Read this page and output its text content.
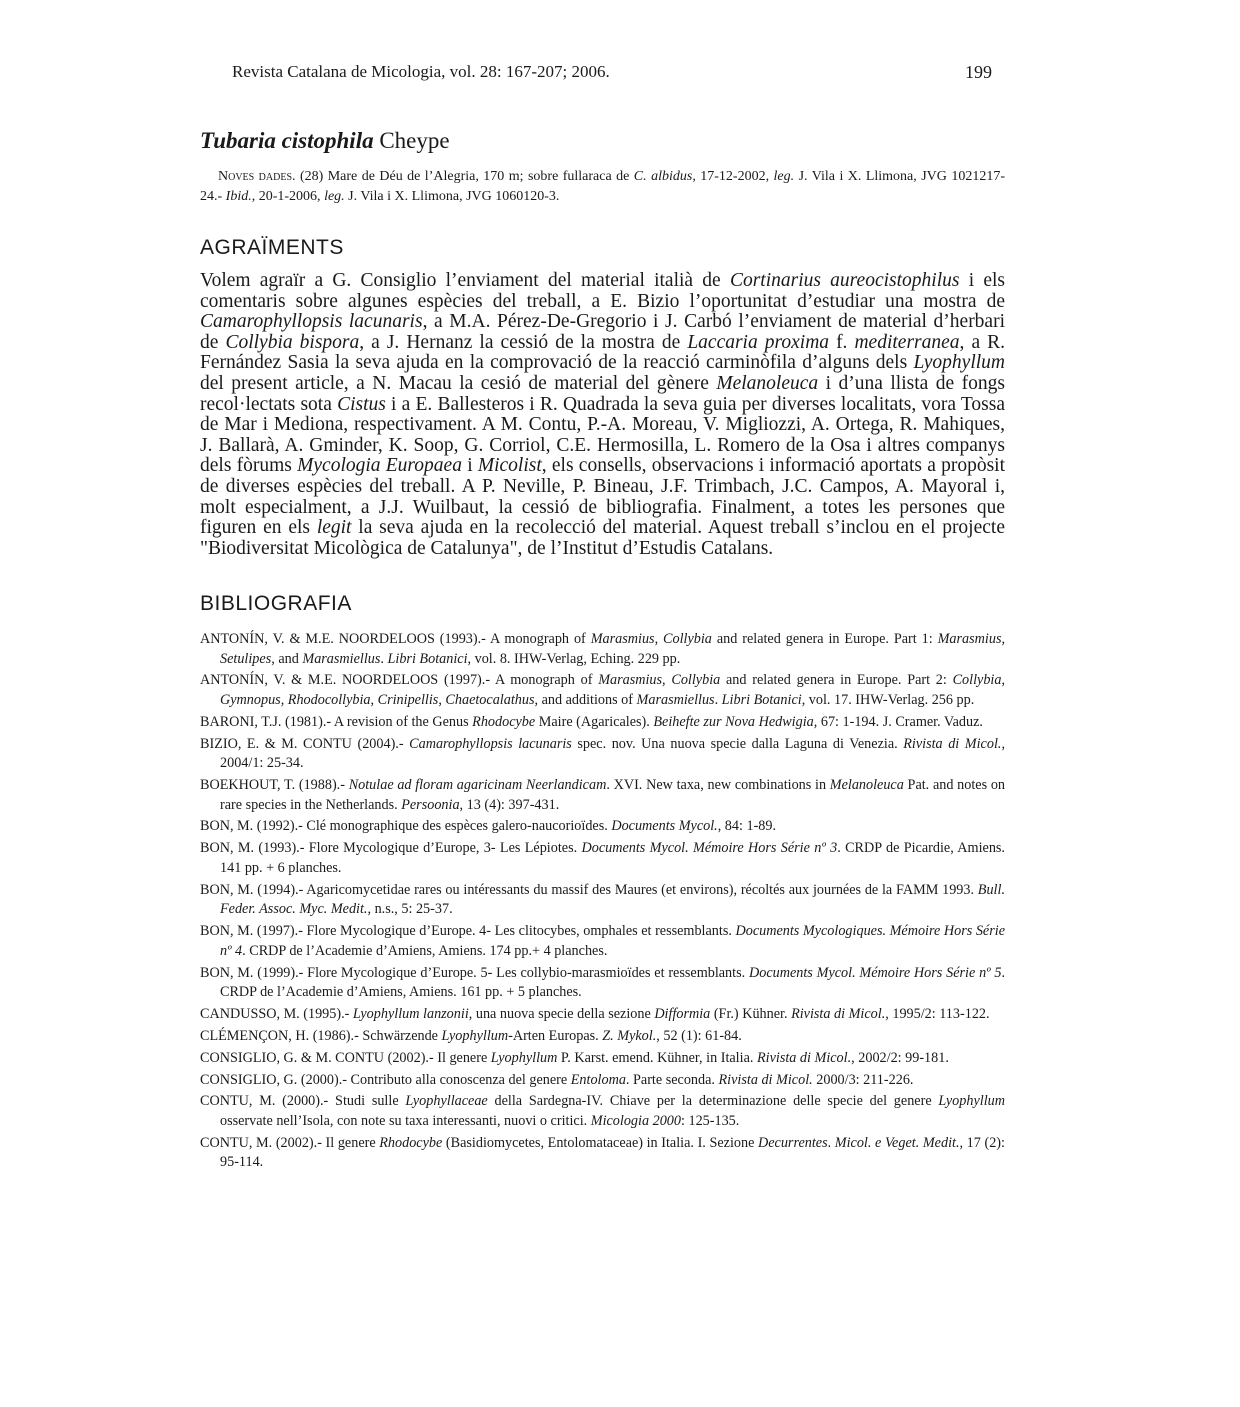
Revista Catalana de Micologia, vol. 28: 167-207; 2006.	199
Tubaria cistophila Cheype
Noves dades. (28) Mare de Déu de l’Alegria, 170 m; sobre fullaraca de C. albidus, 17-12-2002, leg. J. Vila i X. Llimona, JVG 1021217-24.- Ibid., 20-1-2006, leg. J. Vila i X. Llimona, JVG 1060120-3.
AGRAÏMENTS
Volem agraïr a G. Consiglio l’enviament del material italià de Cortinarius aureocistophilus i els comentaris sobre algunes espècies del treball, a E. Bizio l’oportunitat d’estudiar una mostra de Camarophyllopsis lacunaris, a M.A. Pérez-De-Gregorio i J. Carbó l’enviament de material d’herbari de Collybia bispora, a J. Hernanz la cessió de la mostra de Laccaria proxima f. mediterranea, a R. Fernández Sasia la seva ajuda en la comprovació de la reacció carminòfila d’alguns dels Lyophyllum del present article, a N. Macau la cesió de material del gènere Melanoleuca i d’una llista de fongs recol·lectats sota Cistus i a E. Ballesteros i R. Quadrada la seva guia per diverses localitats, vora Tossa de Mar i Mediona, respectivament. A M. Contu, P.-A. Moreau, V. Migliozzi, A. Ortega, R. Mahiques, J. Ballarà, A. Gminder, K. Soop, G. Corriol, C.E. Hermosilla, L. Romero de la Osa i altres companys dels fòrums Mycologia Europaea i Micolist, els consells, observacions i informació aportats a propòsit de diverses espècies del treball. A P. Neville, P. Bineau, J.F. Trimbach, J.C. Campos, A. Mayoral i, molt especialment, a J.J. Wuilbaut, la cessió de bibliografia. Finalment, a totes les persones que figuren en els legit la seva ajuda en la recolecció del material. Aquest treball s’inclou en el projecte "Biodiversitat Micològica de Catalunya", de l’Institut d’Estudis Catalans.
BIBLIOGRAFIA
ANTONÍN, V. & M.E. NOORDELOOS (1993).- A monograph of Marasmius, Collybia and related genera in Europe. Part 1: Marasmius, Setulipes, and Marasmiellus. Libri Botanici, vol. 8. IHW-Verlag, Eching. 229 pp.
ANTONÍN, V. & M.E. NOORDELOOS (1997).- A monograph of Marasmius, Collybia and related genera in Europe. Part 2: Collybia, Gymnopus, Rhodocollybia, Crinipellis, Chaetocalathus, and additions of Marasmiellus. Libri Botanici, vol. 17. IHW-Verlag. 256 pp.
BARONI, T.J. (1981).- A revision of the Genus Rhodocybe Maire (Agaricales). Beihefte zur Nova Hedwigia, 67: 1-194. J. Cramer. Vaduz.
BIZIO, E. & M. CONTU (2004).- Camarophyllopsis lacunaris spec. nov. Una nuova specie dalla Laguna di Venezia. Rivista di Micol., 2004/1: 25-34.
BOEKHOUT, T. (1988).- Notulae ad floram agaricinam Neerlandicam. XVI. New taxa, new combinations in Melanoleuca Pat. and notes on rare species in the Netherlands. Persoonia, 13 (4): 397-431.
BON, M. (1992).- Clé monographique des espèces galero-naucorioïdes. Documents Mycol., 84: 1-89.
BON, M. (1993).- Flore Mycologique d’Europe, 3- Les Lépiotes. Documents Mycol. Mémoire Hors Série nº 3. CRDP de Picardie, Amiens. 141 pp. + 6 planches.
BON, M. (1994).- Agaricomycetidae rares ou intéressants du massif des Maures (et environs), récoltés aux journées de la FAMM 1993. Bull. Feder. Assoc. Myc. Medit., n.s., 5: 25-37.
BON, M. (1997).- Flore Mycologique d’Europe. 4- Les clitocybes, omphales et ressemblants. Documents Mycologiques. Mémoire Hors Série nº 4. CRDP de l’Academie d’Amiens, Amiens. 174 pp.+ 4 planches.
BON, M. (1999).- Flore Mycologique d’Europe. 5- Les collybio-marasmioïdes et ressemblants. Documents Mycol. Mémoire Hors Série nº 5. CRDP de l’Academie d’Amiens, Amiens. 161 pp. + 5 planches.
CANDUSSO, M. (1995).- Lyophyllum lanzonii, una nuova specie della sezione Difformia (Fr.) Kühner. Rivista di Micol., 1995/2: 113-122.
CLÉMENÇON, H. (1986).- Schwärzende Lyophyllum-Arten Europas. Z. Mykol., 52 (1): 61-84.
CONSIGLIO, G. & M. CONTU (2002).- Il genere Lyophyllum P. Karst. emend. Kühner, in Italia. Rivista di Micol., 2002/2: 99-181.
CONSIGLIO, G. (2000).- Contributo alla conoscenza del genere Entoloma. Parte seconda. Rivista di Micol. 2000/3: 211-226.
CONTU, M. (2000).- Studi sulle Lyophyllaceae della Sardegna-IV. Chiave per la determinazione delle specie del genere Lyophyllum osservate nell’Isola, con note su taxa interessanti, nuovi o critici. Micologia 2000: 125-135.
CONTU, M. (2002).- Il genere Rhodocybe (Basidiomycetes, Entolomataceae) in Italia. I. Sezione Decurrentes. Micol. e Veget. Medit., 17 (2): 95-114.
